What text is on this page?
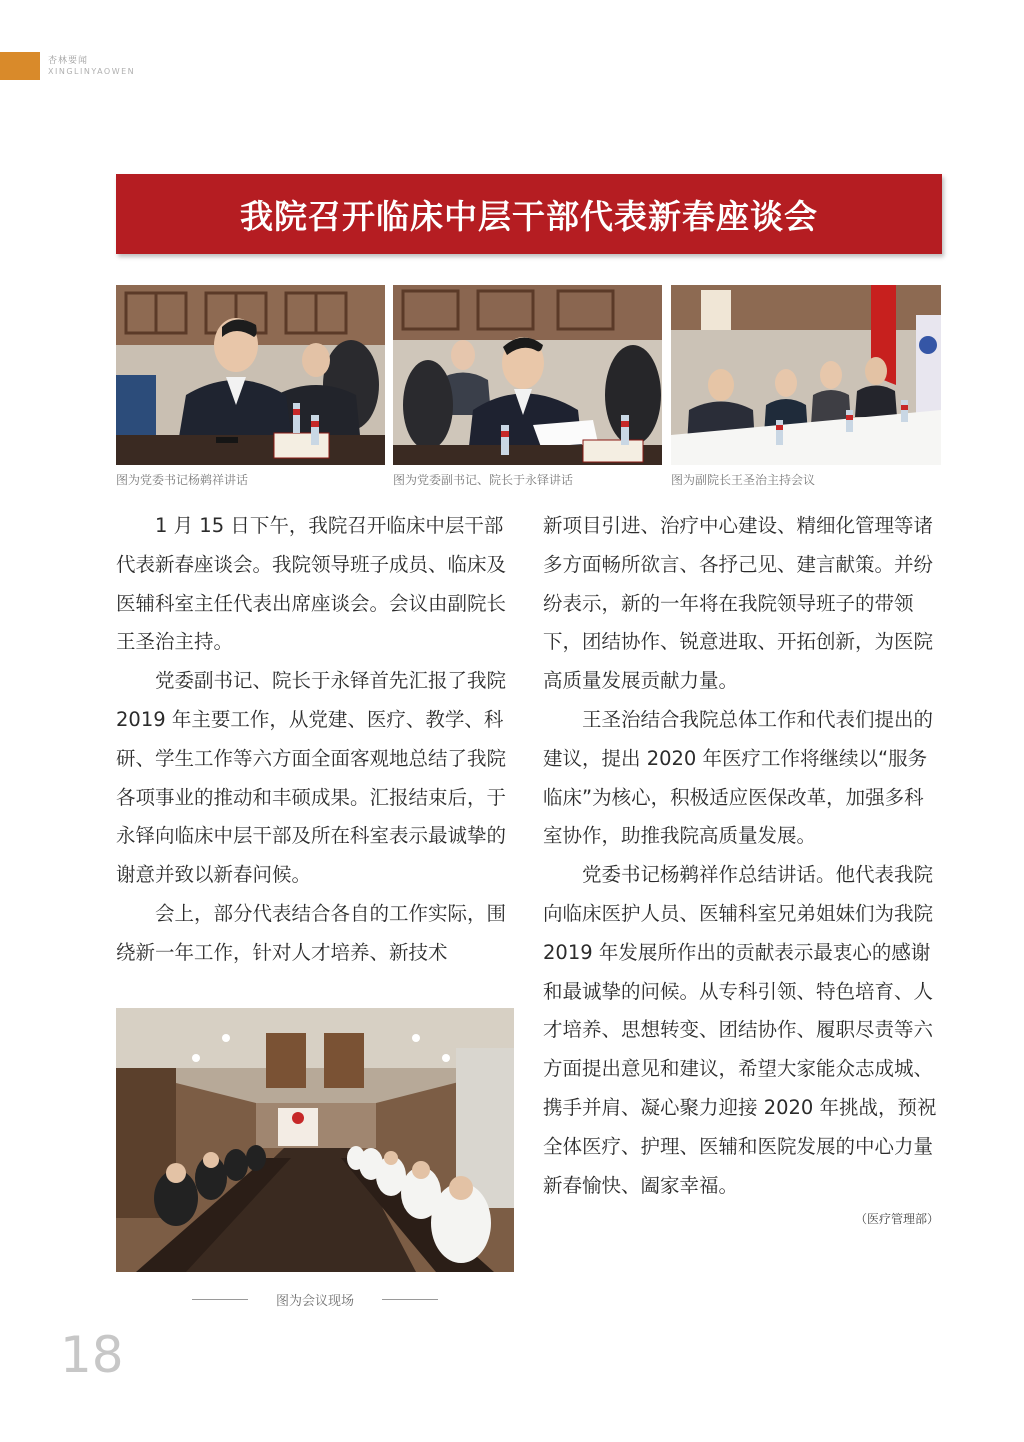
杏林要闻
XINGLINYAOWEN
我院召开临床中层干部代表新春座谈会
图为党委书记杨鹈祥讲话	图为党委副书记、院长于永铎讲话	图为副院长王圣治主持会议

1 月 15 日下午，我院召开临床中层干部代表新春座谈会。我院领导班子成员、临床及医辅科室主任代表出席座谈会。会议由副院长王圣治主持。

党委副书记、院长于永铎首先汇报了我院 2019 年主要工作，从党建、医疗、教学、科研、学生工作等六方面全面客观地总结了我院各项事业的推动和丰硕成果。汇报结束后，于永铎向临床中层干部及所在科室表示最诚挚的谢意并致以新春问候。

会上，部分代表结合各自的工作实际，围绕新一年工作，针对人才培养、新技术

新项目引进、治疗中心建设、精细化管理等诸多方面畅所欲言、各抒己见、建言献策。并纷纷表示，新的一年将在我院领导班子的带领下，团结协作、锐意进取、开拓创新，为医院高质量发展贡献力量。

王圣治结合我院总体工作和代表们提出的建议，提出 2020 年医疗工作将继续以“服务临床”为核心，积极适应医保改革，加强多科室协作，助推我院高质量发展。

党委书记杨鹈祥作总结讲话。他代表我院向临床医护人员、医辅科室兄弟姐妹们为我院 2019 年发展所作出的贡献表示最衷心的感谢和最诚挚的问候。从专科引领、特色培育、人才培养、思想转变、团结协作、履职尽责等六方面提出意见和建议，希望大家能众志成城、携手并肩、凝心聚力迎接 2020 年挑战，预祝全体医疗、护理、医辅和医院发展的中心力量新春愉快、阖家幸福。

（医疗管理部）

图为会议现场
18
